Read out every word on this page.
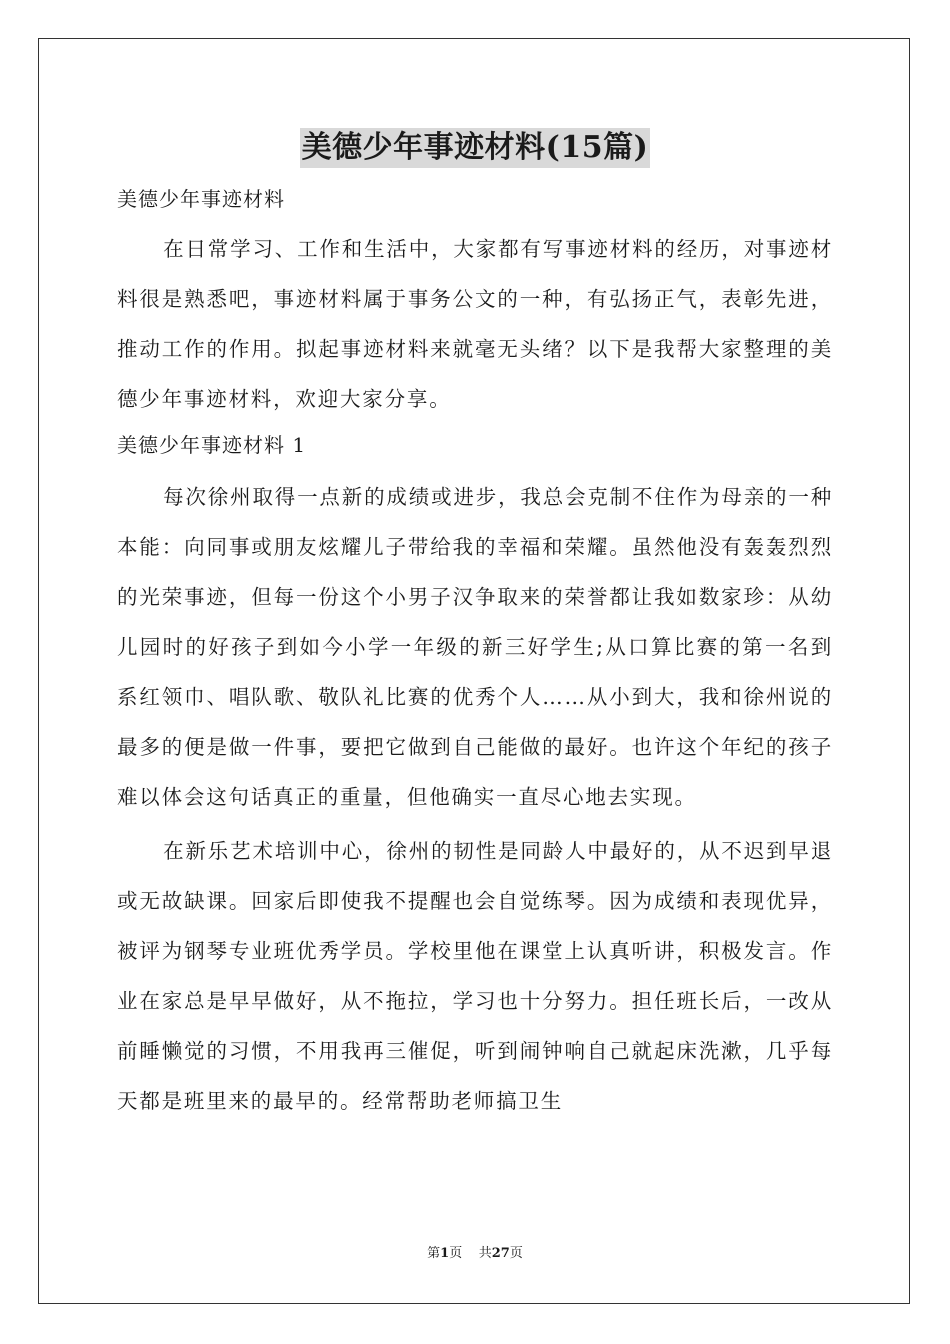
美德少年事迹材料(15篇)

美德少年事迹材料

在日常学习、工作和生活中，大家都有写事迹材料的经历，对事迹材料很是熟悉吧，事迹材料属于事务公文的一种，有弘扬正气，表彰先进，推动工作的作用。拟起事迹材料来就毫无头绪？以下是我帮大家整理的美德少年事迹材料，欢迎大家分享。

美德少年事迹材料 1

每次徐州取得一点新的成绩或进步，我总会克制不住作为母亲的一种本能：向同事或朋友炫耀儿子带给我的幸福和荣耀。虽然他没有轰轰烈烈的光荣事迹，但每一份这个小男子汉争取来的荣誉都让我如数家珍：从幼儿园时的好孩子到如今小学一年级的新三好学生;从口算比赛的第一名到系红领巾、唱队歌、敬队礼比赛的优秀个人……从小到大，我和徐州说的最多的便是做一件事，要把它做到自己能做的最好。也许这个年纪的孩子难以体会这句话真正的重量，但他确实一直尽心地去实现。

在新乐艺术培训中心，徐州的韧性是同龄人中最好的，从不迟到早退或无故缺课。回家后即使我不提醒也会自觉练琴。因为成绩和表现优异，被评为钢琴专业班优秀学员。学校里他在课堂上认真听讲，积极发言。作业在家总是早早做好，从不拖拉，学习也十分努力。担任班长后，一改从前睡懒觉的习惯，不用我再三催促，听到闹钟响自己就起床洗漱，几乎每天都是班里来的最早的。经常帮助老师搞卫生

第1页 共27页
